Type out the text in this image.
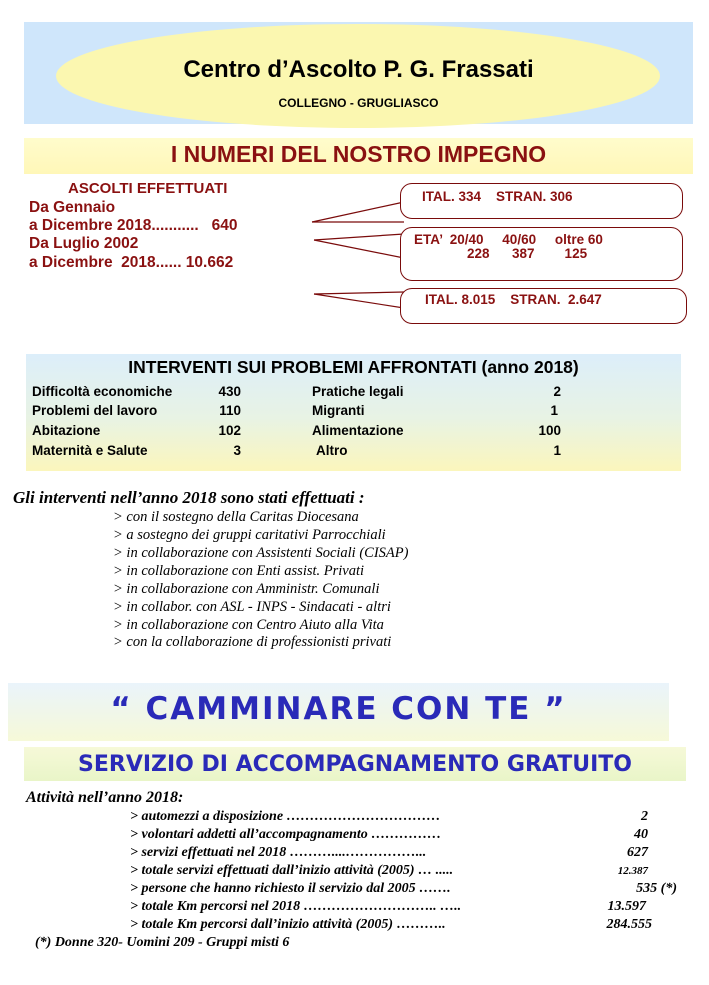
Centro d’Ascolto P. G. Frassati
COLLEGNO - GRUGLIASCO
I NUMERI DEL NOSTRO IMPEGNO
ASCOLTI EFFETTUATI
Da Gennaio
a Dicembre 2018...........   640
Da Luglio 2002
a Dicembre  2018...... 10.662
ITAL. 334    STRAN. 306
ETA’  20/40     40/60     oltre 60
228      387        125
ITAL. 8.015    STRAN.  2.647
INTERVENTI SUI PROBLEMI AFFRONTATI (anno 2018)
Difficoltà economiche	430
Problemi del lavoro	110
Abitazione	102
Maternità e Salute	3
Pratiche legali	2
Migranti	1
Alimentazione	100
Altro	1
Gli interventi nell’anno 2018 sono stati effettuati :
> con il sostegno della Caritas Diocesana
> a sostegno dei gruppi caritativi Parrocchiali
> in collaborazione con Assistenti Sociali (CISAP)
> in collaborazione con Enti assist. Privati
> in collaborazione con Amministr. Comunali
> in collabor. con ASL - INPS - Sindacati - altri
> in collaborazione con Centro Aiuto alla Vita
> con la collaborazione di professionisti privati
“ CAMMINARE CON TE ”
SERVIZIO DI ACCOMPAGNAMENTO GRATUITO
Attività nell’anno 2018:
> automezzi a disposizione ……………………………	2
> volontari addetti all’accompagnamento ……………	40
> servizi effettuati nel 2018 ………....……………...	627
> totale servizi effettuati dall’inizio attività (2005) … .....	12.387
> persone che hanno richiesto il servizio dal 2005 …….	535 (*)
> totale Km percorsi nel 2018 ……………………….. …..	13.597
> totale Km percorsi dall’inizio attività (2005) ………..	284.555
(*) Donne 320- Uomini 209 - Gruppi misti 6
